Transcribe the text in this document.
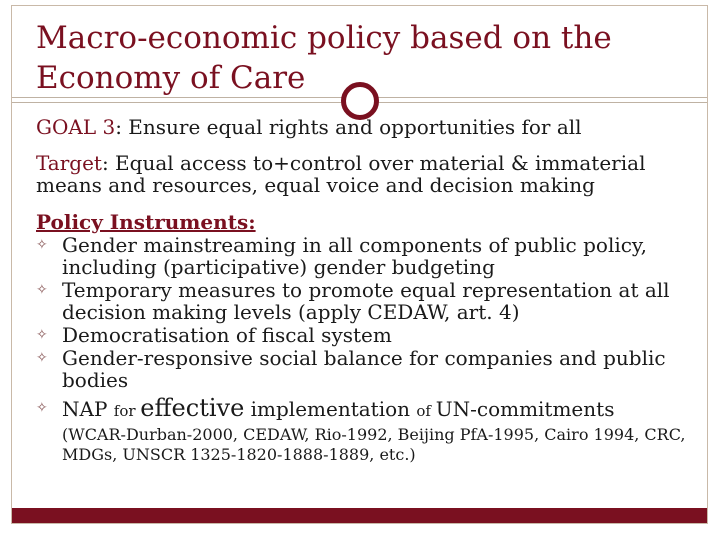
Macro-economic policy based on the
Economy of Care

GOAL 3: Ensure equal rights and opportunities for all

Target: Equal access to+control over material & immaterial means and resources, equal voice and decision making

Policy Instruments:

✧ Gender mainstreaming in all components of public policy, including (participative) gender budgeting
✧ Temporary measures to promote equal representation at all decision making levels (apply CEDAW, art. 4)
✧ Democratisation of fiscal system
✧ Gender-responsive social balance for companies and public bodies
✧ NAP for effective implementation of UN-commitments

(WCAR-Durban-2000, CEDAW, Rio-1992, Beijing PfA-1995, Cairo 1994, CRC, MDGs, UNSCR 1325-1820-1888-1889, etc.)
